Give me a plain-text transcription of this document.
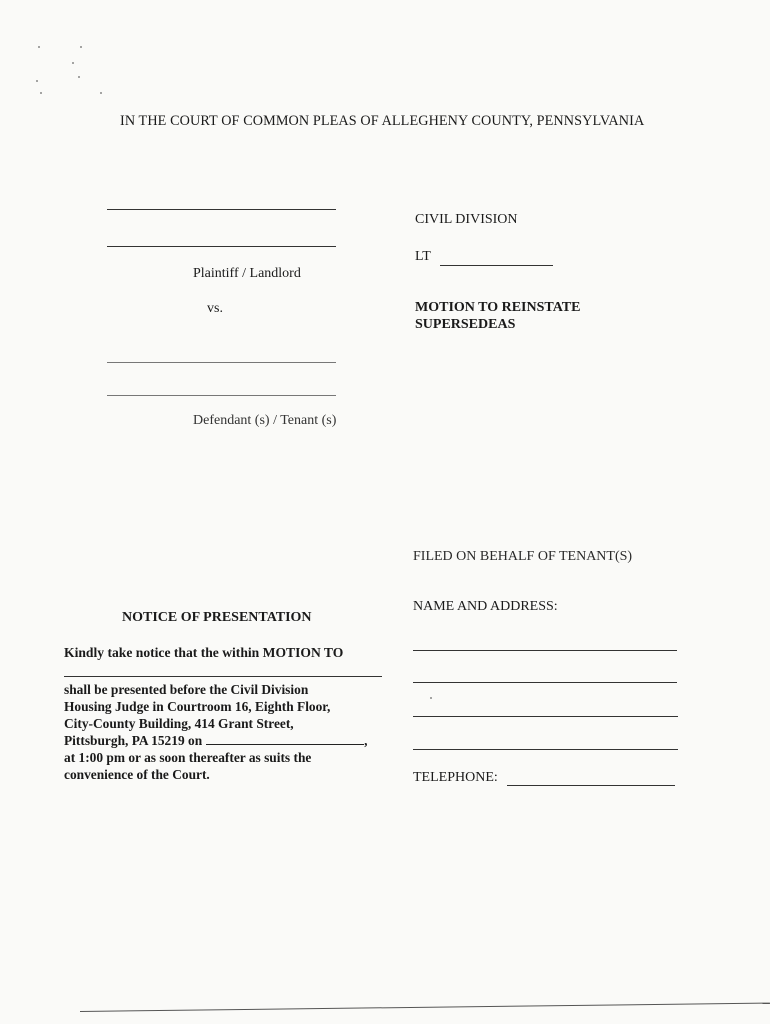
IN THE COURT OF COMMON PLEAS OF ALLEGHENY COUNTY, PENNSYLVANIA
Plaintiff / Landlord
vs.
Defendant (s) / Tenant (s)
CIVIL DIVISION
LT
MOTION TO REINSTATE
SUPERSEDEAS
FILED ON BEHALF OF TENANT(S)
NAME AND ADDRESS:
TELEPHONE:
NOTICE OF PRESENTATION
Kindly take notice that the within MOTION TO
shall be presented before the Civil Division
Housing Judge in Courtroom 16, Eighth Floor,
City-County Building, 414 Grant Street,
Pittsburgh, PA 15219 on	,
at 1:00 pm or as soon thereafter as suits the
convenience of the Court.
